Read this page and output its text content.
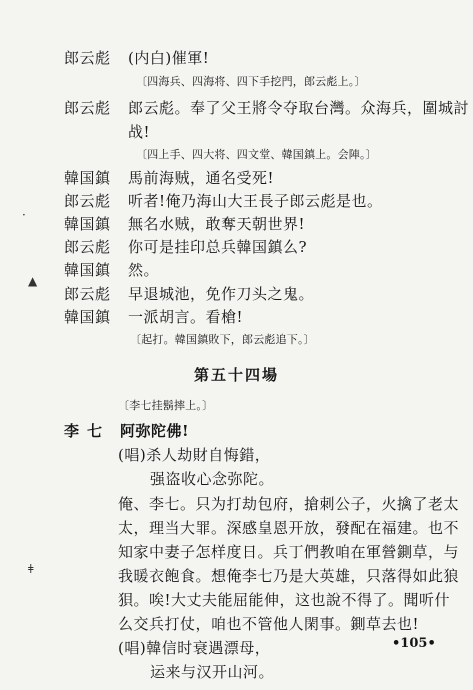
郎云彪 (内白)催軍!
〔四海兵、四海将、四下手挖門，郎云彪上。〕
郎云彪 郎云彪。奉了父王將令夺取台灣。众海兵，圍城討
战!
〔四上手、四大将、四文堂、韓国鎮上。会陣。〕
韓国鎮 馬前海贼，通名受死!
郎云彪 听者!俺乃海山大王長子郎云彪是也。
韓国鎮 無名水贼，敢奪天朝世界!
郎云彪 你可是挂印总兵韓国鎮么?
韓国鎮 然。
郎云彪 早退城池，免作刀头之鬼。
韓国鎮 一派胡言。看槍!
〔起打。韓国鎮敗下，郎云彪追下。〕
第五十四場
〔李七挂鬍摔上。〕
李七 阿弥陀佛!
(唱)杀人劫財自悔錯，
强盗收心念弥陀。
俺、李七。只为打劫包府，搶刺公子，火擒了老太
太，理当大罪。深感皇恩开放，發配在福建。也不
知家中妻子怎样度日。兵丁們教咱在軍營鍘草，与
我暖衣飽食。想俺李七乃是大英雄，只落得如此狼
狽。唉!大丈夫能屈能伸，这也說不得了。聞听什
么交兵打仗，咱也不管他人閑事。鍘草去也!
(唱)韓信时衰遇漂母，
运来与汉开山河。
•105•
·
▲
ǂ
